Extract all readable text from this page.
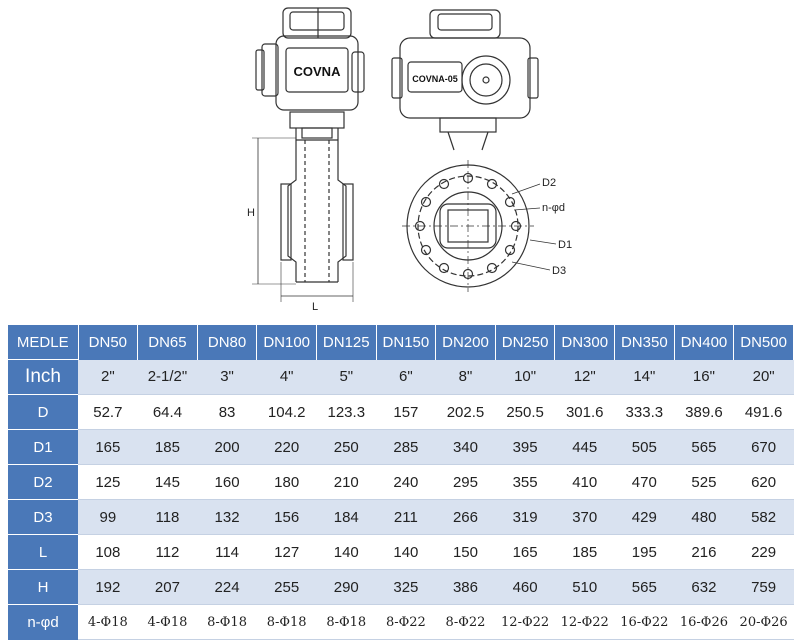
COVNA	COVNA-05
H
L
D2
n-φd
D1
D3
MEDLE	DN50	DN65	DN80	DN100	DN125	DN150	DN200	DN250	DN300	DN350	DN400	DN500
Inch	2"	2-1/2"	3"	4"	5"	6"	8"	10"	12"	14"	16"	20"
D	52.7	64.4	83	104.2	123.3	157	202.5	250.5	301.6	333.3	389.6	491.6
D1	165	185	200	220	250	285	340	395	445	505	565	670
D2	125	145	160	180	210	240	295	355	410	470	525	620
D3	99	118	132	156	184	211	266	319	370	429	480	582
L	108	112	114	127	140	140	150	165	185	195	216	229
H	192	207	224	255	290	325	386	460	510	565	632	759
n-φd	4-Φ18	4-Φ18	8-Φ18	8-Φ18	8-Φ18	8-Φ22	8-Φ22	12-Φ22	12-Φ22	16-Φ22	16-Φ26	20-Φ26
